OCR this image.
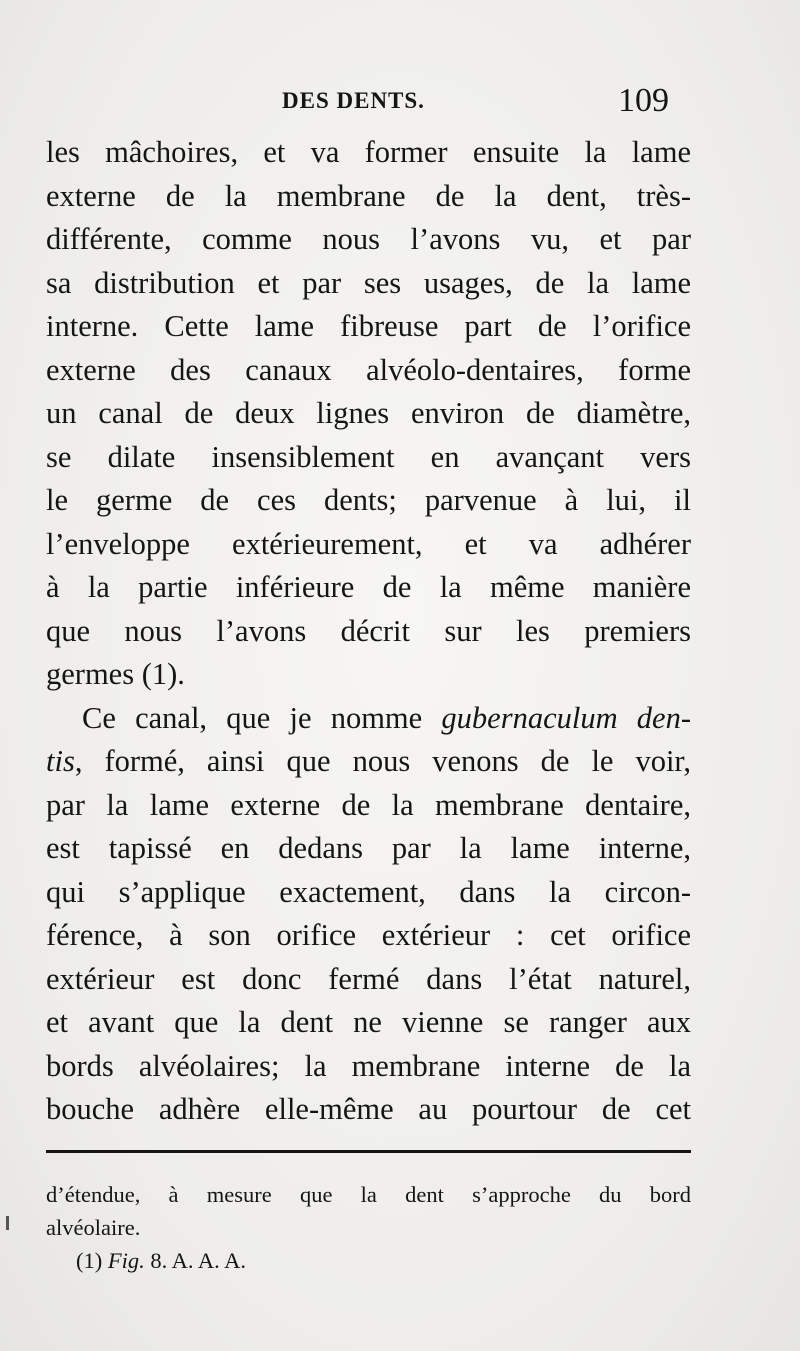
DES DENTS.	109
les mâchoires, et va former ensuite la lame
externe de la membrane de la dent, très-
différente, comme nous l’avons vu, et par
sa distribution et par ses usages, de la lame
interne. Cette lame fibreuse part de l’orifice
externe des canaux alvéolo-dentaires, forme
un canal de deux lignes environ de diamètre,
se dilate insensiblement en avançant vers
le germe de ces dents; parvenue à lui, il
l’enveloppe extérieurement, et va adhérer
à la partie inférieure de la même manière
que nous l’avons décrit sur les premiers
germes (1).
Ce canal, que je nomme gubernaculum den-
tis, formé, ainsi que nous venons de le voir,
par la lame externe de la membrane dentaire,
est tapissé en dedans par la lame interne,
qui s’applique exactement, dans la circon-
férence, à son orifice extérieur : cet orifice
extérieur est donc fermé dans l’état naturel,
et avant que la dent ne vienne se ranger aux
bords alvéolaires; la membrane interne de la
bouche adhère elle-même au pourtour de cet
d’étendue, à mesure que la dent s’approche du bord
alvéolaire.
(1) Fig. 8. A. A. A.
